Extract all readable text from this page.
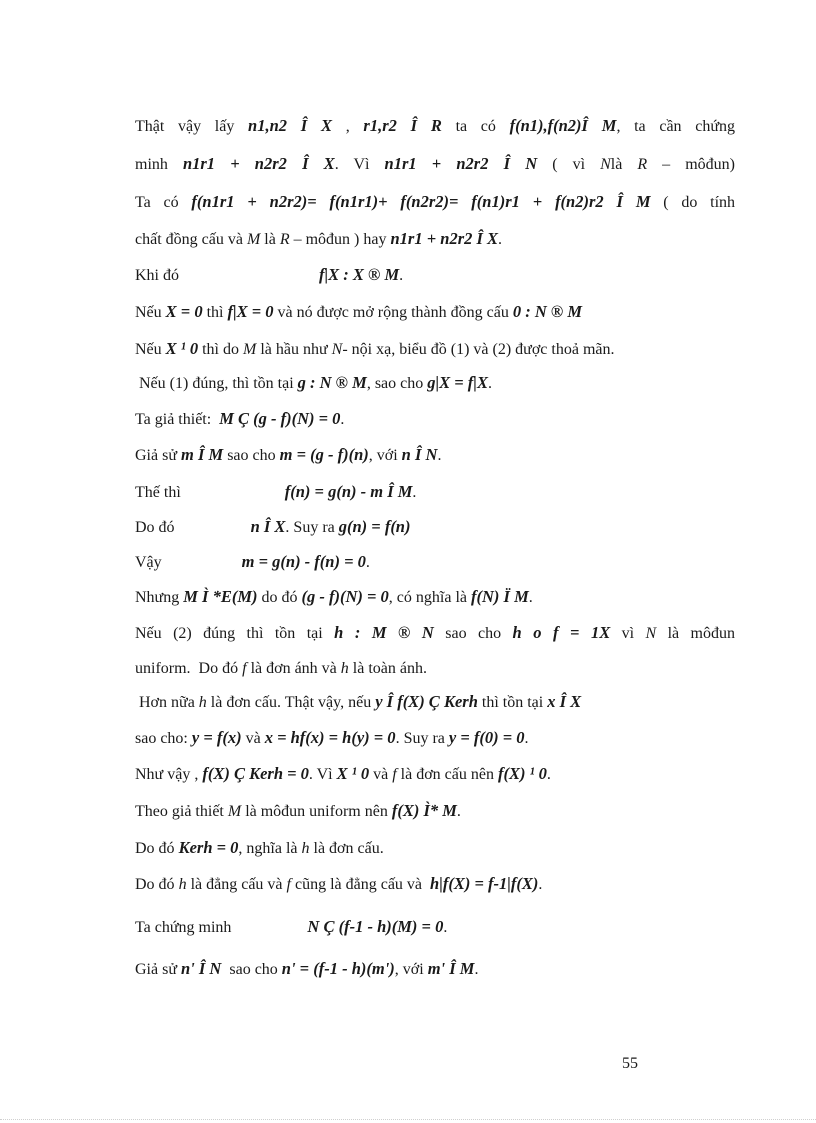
Thật vậy lấy n1,n2 Î X , r1,r2 Î R ta có f(n1),f(n2)Î M, ta cần chứng
minh n1r1 + n2r2 Î X. Vì n1r1 + n2r2 Î N ( vì Nlà R – môđun)
Ta có f(n1r1 + n2r2)= f(n1r1)+ f(n2r2)= f(n1)r1 + f(n2)r2 Î M ( do tính
chất đồng cấu và M là R – môđun ) hay n1r1 + n2r2 Î X.
Khi đó                                   f|X : X ® M.
Nếu X = 0 thì f|X = 0 và nó được mở rộng thành đồng cấu 0 : N ® M
Nếu X ¹ 0 thì do M là hầu như N- nội xạ, biểu đồ (1) và (2) được thoả mãn.
Nếu (1) đúng, thì tồn tại g : N ® M, sao cho g|X = f|X.
Ta giả thiết:  M Ç (g - f)(N) = 0.
Giả sử m Î M sao cho m = (g - f)(n), với n Î N.
Thế thì                          f(n) = g(n) - m Î M.
Do đó                   n Î X. Suy ra g(n) = f(n)
Vậy                    m = g(n) - f(n) = 0.
Nhưng M Ì *E(M) do đó (g - f)(N) = 0, có nghĩa là f(N) Ï M.
Nếu (2) đúng thì tồn tại h : M ® N sao cho h o f = 1X vì N là môđun
uniform.  Do đó f là đơn ánh và h là toàn ánh.
Hơn nữa h là đơn cấu. Thật vậy, nếu y Î f(X) Ç Kerh thì tồn tại x Î X
sao cho: y = f(x) và x = hf(x) = h(y) = 0. Suy ra y = f(0) = 0.
Như vậy , f(X) Ç Kerh = 0. Vì X ¹ 0 và f là đơn cấu nên f(X) ¹ 0.
Theo giả thiết M là môđun uniform nên f(X) Ì* M.
Do đó Kerh = 0, nghĩa là h là đơn cấu.
Do đó h là đẳng cấu và f cũng là đẳng cấu và  h|f(X) = f-1|f(X).
Ta chứng minh                   N Ç (f-1 - h)(M) = 0.
Giả sử n' Î N  sao cho n' = (f-1 - h)(m'), với m' Î M.
55
